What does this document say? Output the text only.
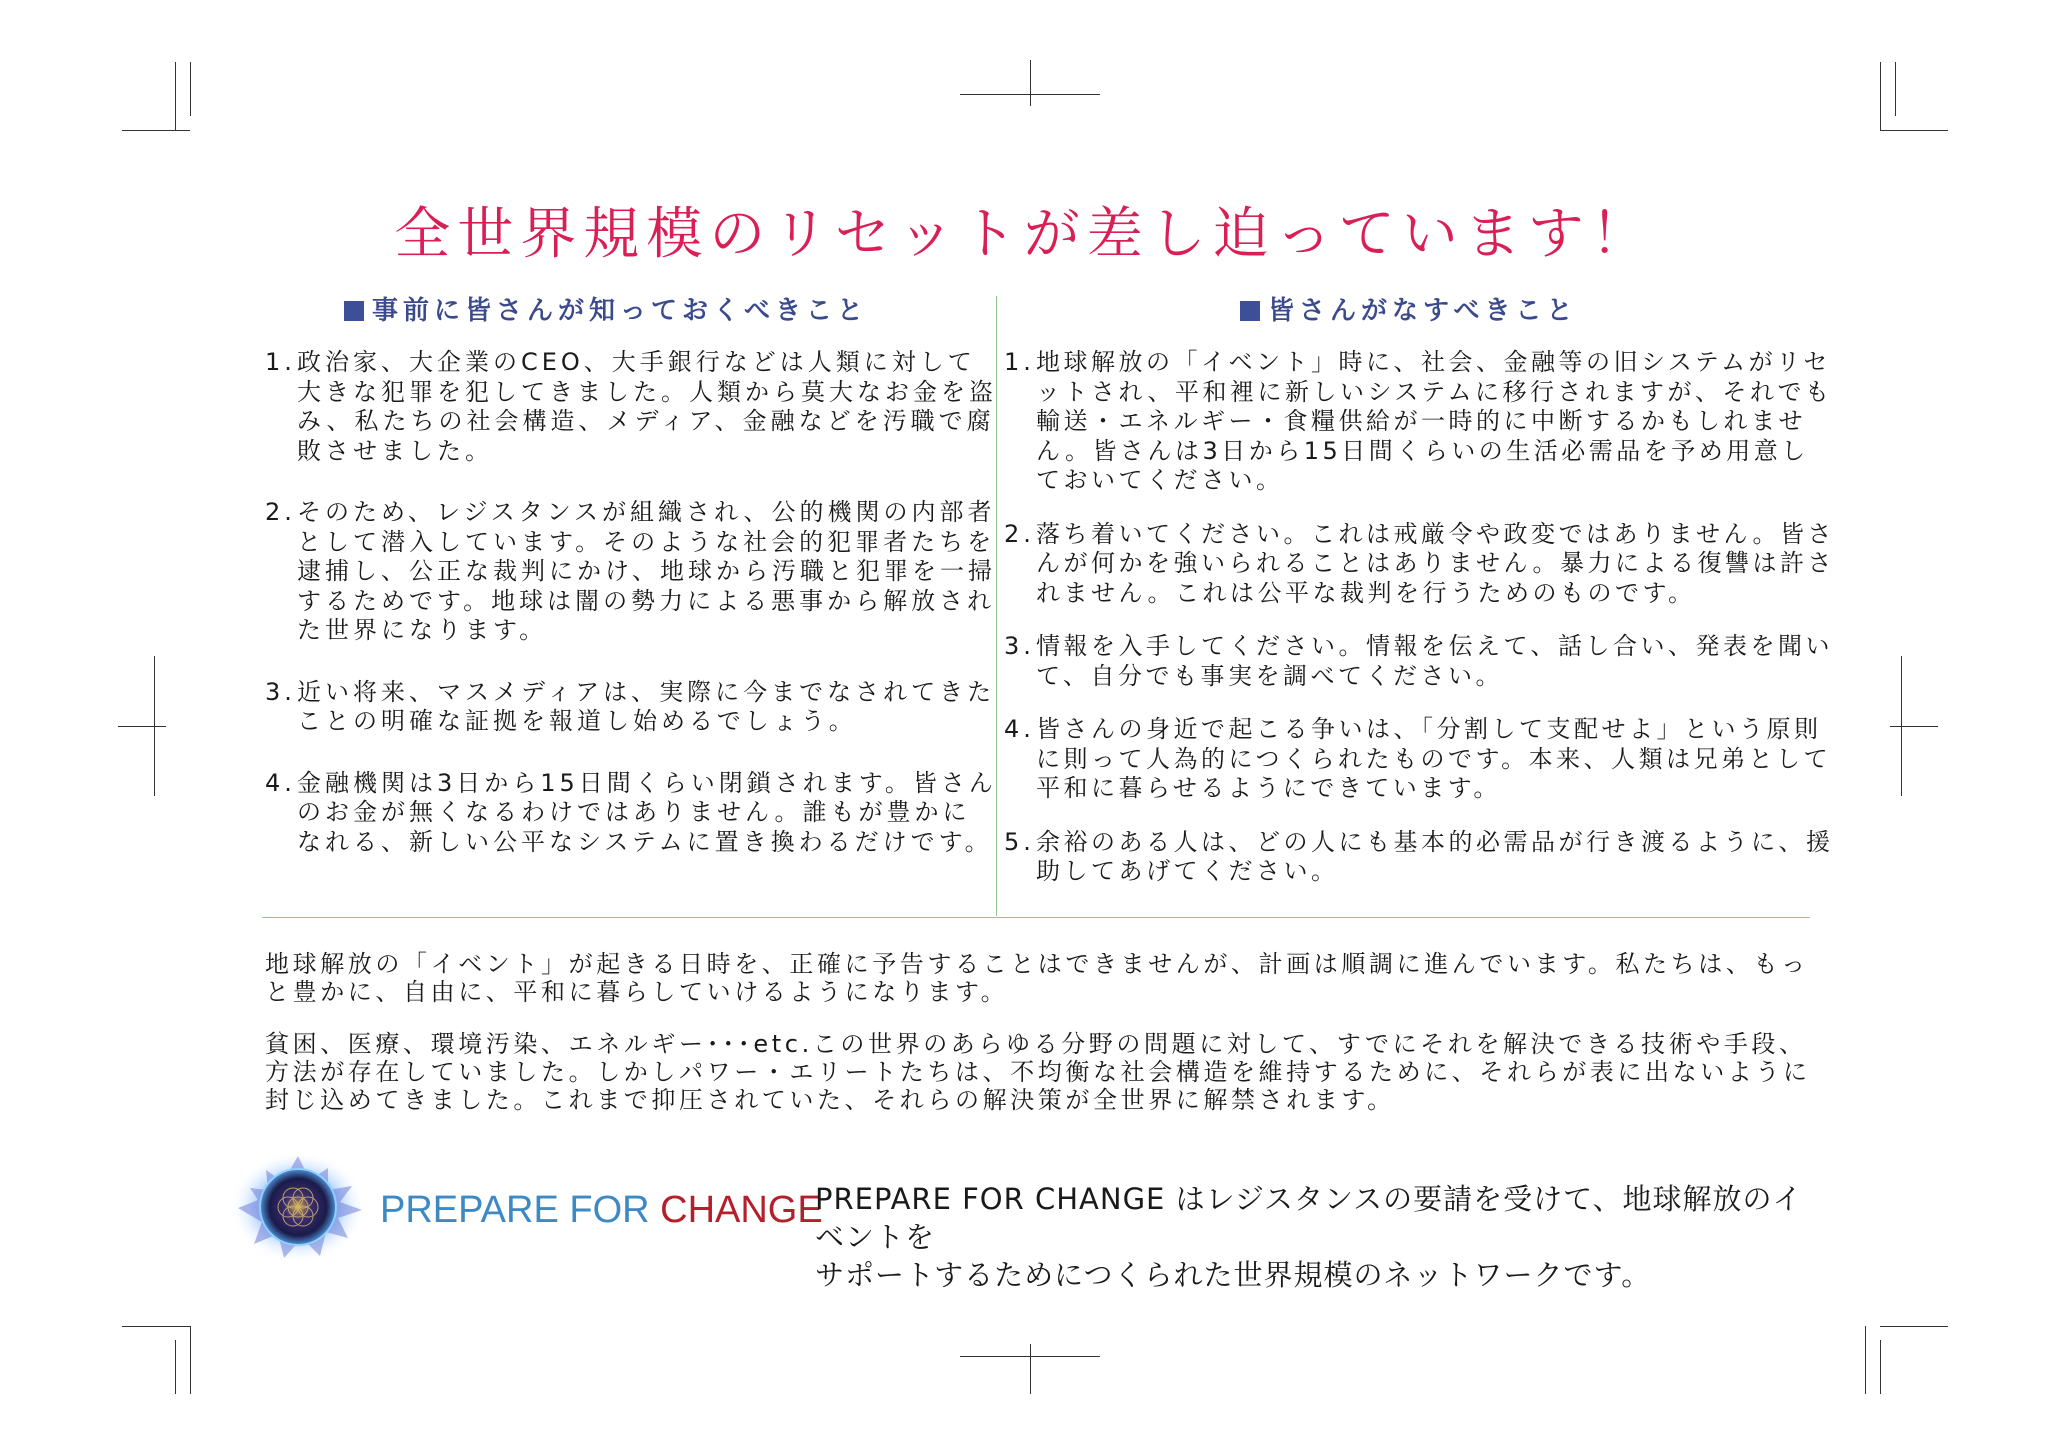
全世界規模のリセットが差し迫っています！
事前に皆さんが知っておくべきこと	皆さんがなすべきこと
1. 政治家、大企業のCEO、大手銀行などは人類に対して大きな犯罪を犯してきました。人類から莫大なお金を盗み、私たちの社会構造、メディア、金融などを汚職で腐敗させました。
2. そのため、レジスタンスが組織され、公的機関の内部者として潜入しています。そのような社会的犯罪者たちを逮捕し、公正な裁判にかけ、地球から汚職と犯罪を一掃するためです。地球は闇の勢力による悪事から解放された世界になります。
3. 近い将来、マスメディアは、実際に今までなされてきたことの明確な証拠を報道し始めるでしょう。
4. 金融機関は3日から15日間くらい閉鎖されます。皆さんのお金が無くなるわけではありません。誰もが豊かになれる、新しい公平なシステムに置き換わるだけです。
1. 地球解放の「イベント」時に、社会、金融等の旧システムがリセットされ、平和裡に新しいシステムに移行されますが、それでも輸送・エネルギー・食糧供給が一時的に中断するかもしれません。皆さんは3日から15日間くらいの生活必需品を予め用意しておいてください。
2. 落ち着いてください。これは戒厳令や政変ではありません。皆さんが何かを強いられることはありません。暴力による復讐は許されません。これは公平な裁判を行うためのものです。
3. 情報を入手してください。情報を伝えて、話し合い、発表を聞いて、自分でも事実を調べてください。
4. 皆さんの身近で起こる争いは、「分割して支配せよ」という原則に則って人為的につくられたものです。本来、人類は兄弟として平和に暮らせるようにできています。
5. 余裕のある人は、どの人にも基本的必需品が行き渡るように、援助してあげてください。
地球解放の「イベント」が起きる日時を、正確に予告することはできませんが、計画は順調に進んでいます。私たちは、もっと豊かに、自由に、平和に暮らしていけるようになります。
貧困、医療、環境汚染、エネルギー･･･etc.この世界のあらゆる分野の問題に対して、すでにそれを解決できる技術や手段、方法が存在していました。しかしパワー・エリートたちは、不均衡な社会構造を維持するために、それらが表に出ないように封じ込めてきました。これまで抑圧されていた、それらの解決策が全世界に解禁されます。
PREPARE FOR CHANGE
PREPARE FOR CHANGE はレジスタンスの要請を受けて、地球解放のイベントを
サポートするためにつくられた世界規模のネットワークです。
